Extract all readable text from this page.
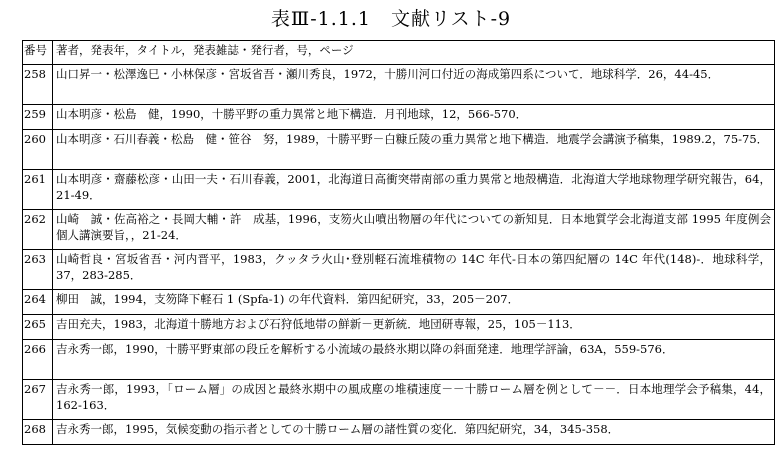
表Ⅲ-1.1.1　文献リスト-9
番号	著者，発表年，タイトル，発表雑誌・発行者，号，ページ
258	山口昇一・松澤逸巳・小林保彦・宮坂省吾・瀬川秀良，1972，十勝川河口付近の海成第四系について．地球科学．26，44-45．
259	山本明彦・松島　健，1990，十勝平野の重力異常と地下構造．月刊地球，12，566-570．
260	山本明彦・石川春義・松島　健・笹谷　努，1989，十勝平野－白糠丘陵の重力異常と地下構造．地震学会講演予稿集，1989.2，75-75．
261	山本明彦・齋藤松彦・山田一夫・石川春義，2001，北海道日高衝突帯南部の重力異常と地殻構造．北海道大学地球物理学研究報告，64，21-49．
262	山崎　誠・佐高裕之・長岡大輔・許　成基，1996，支笏火山噴出物層の年代についての新知見．日本地質学会北海道支部 1995 年度例会　個人講演要旨，，21-24．
263	山崎哲良・宮坂省吾・河内晋平，1983，クッタラ火山･登別軽石流堆積物の 14C 年代-日本の第四紀層の 14C 年代(148)-．地球科学，37，283-285．
264	柳田　誠，1994，支笏降下軽石 1 (Spfa-1) の年代資料．第四紀研究，33，205－207．
265	吉田充夫，1983，北海道十勝地方および石狩低地帯の鮮新－更新統．地団研専報，25，105－113．
266	吉永秀一郎，1990，十勝平野東部の段丘を解析する小流域の最終氷期以降の斜面発達．地理学評論，63A，559-576．
267	吉永秀一郎，1993，「ローム層」の成因と最終氷期中の風成塵の堆積速度－－十勝ローム層を例として－－．日本地理学会予稿集，44，162-163．
268	吉永秀一郎，1995，気候変動の指示者としての十勝ローム層の諸性質の変化．第四紀研究，34，345-358．
